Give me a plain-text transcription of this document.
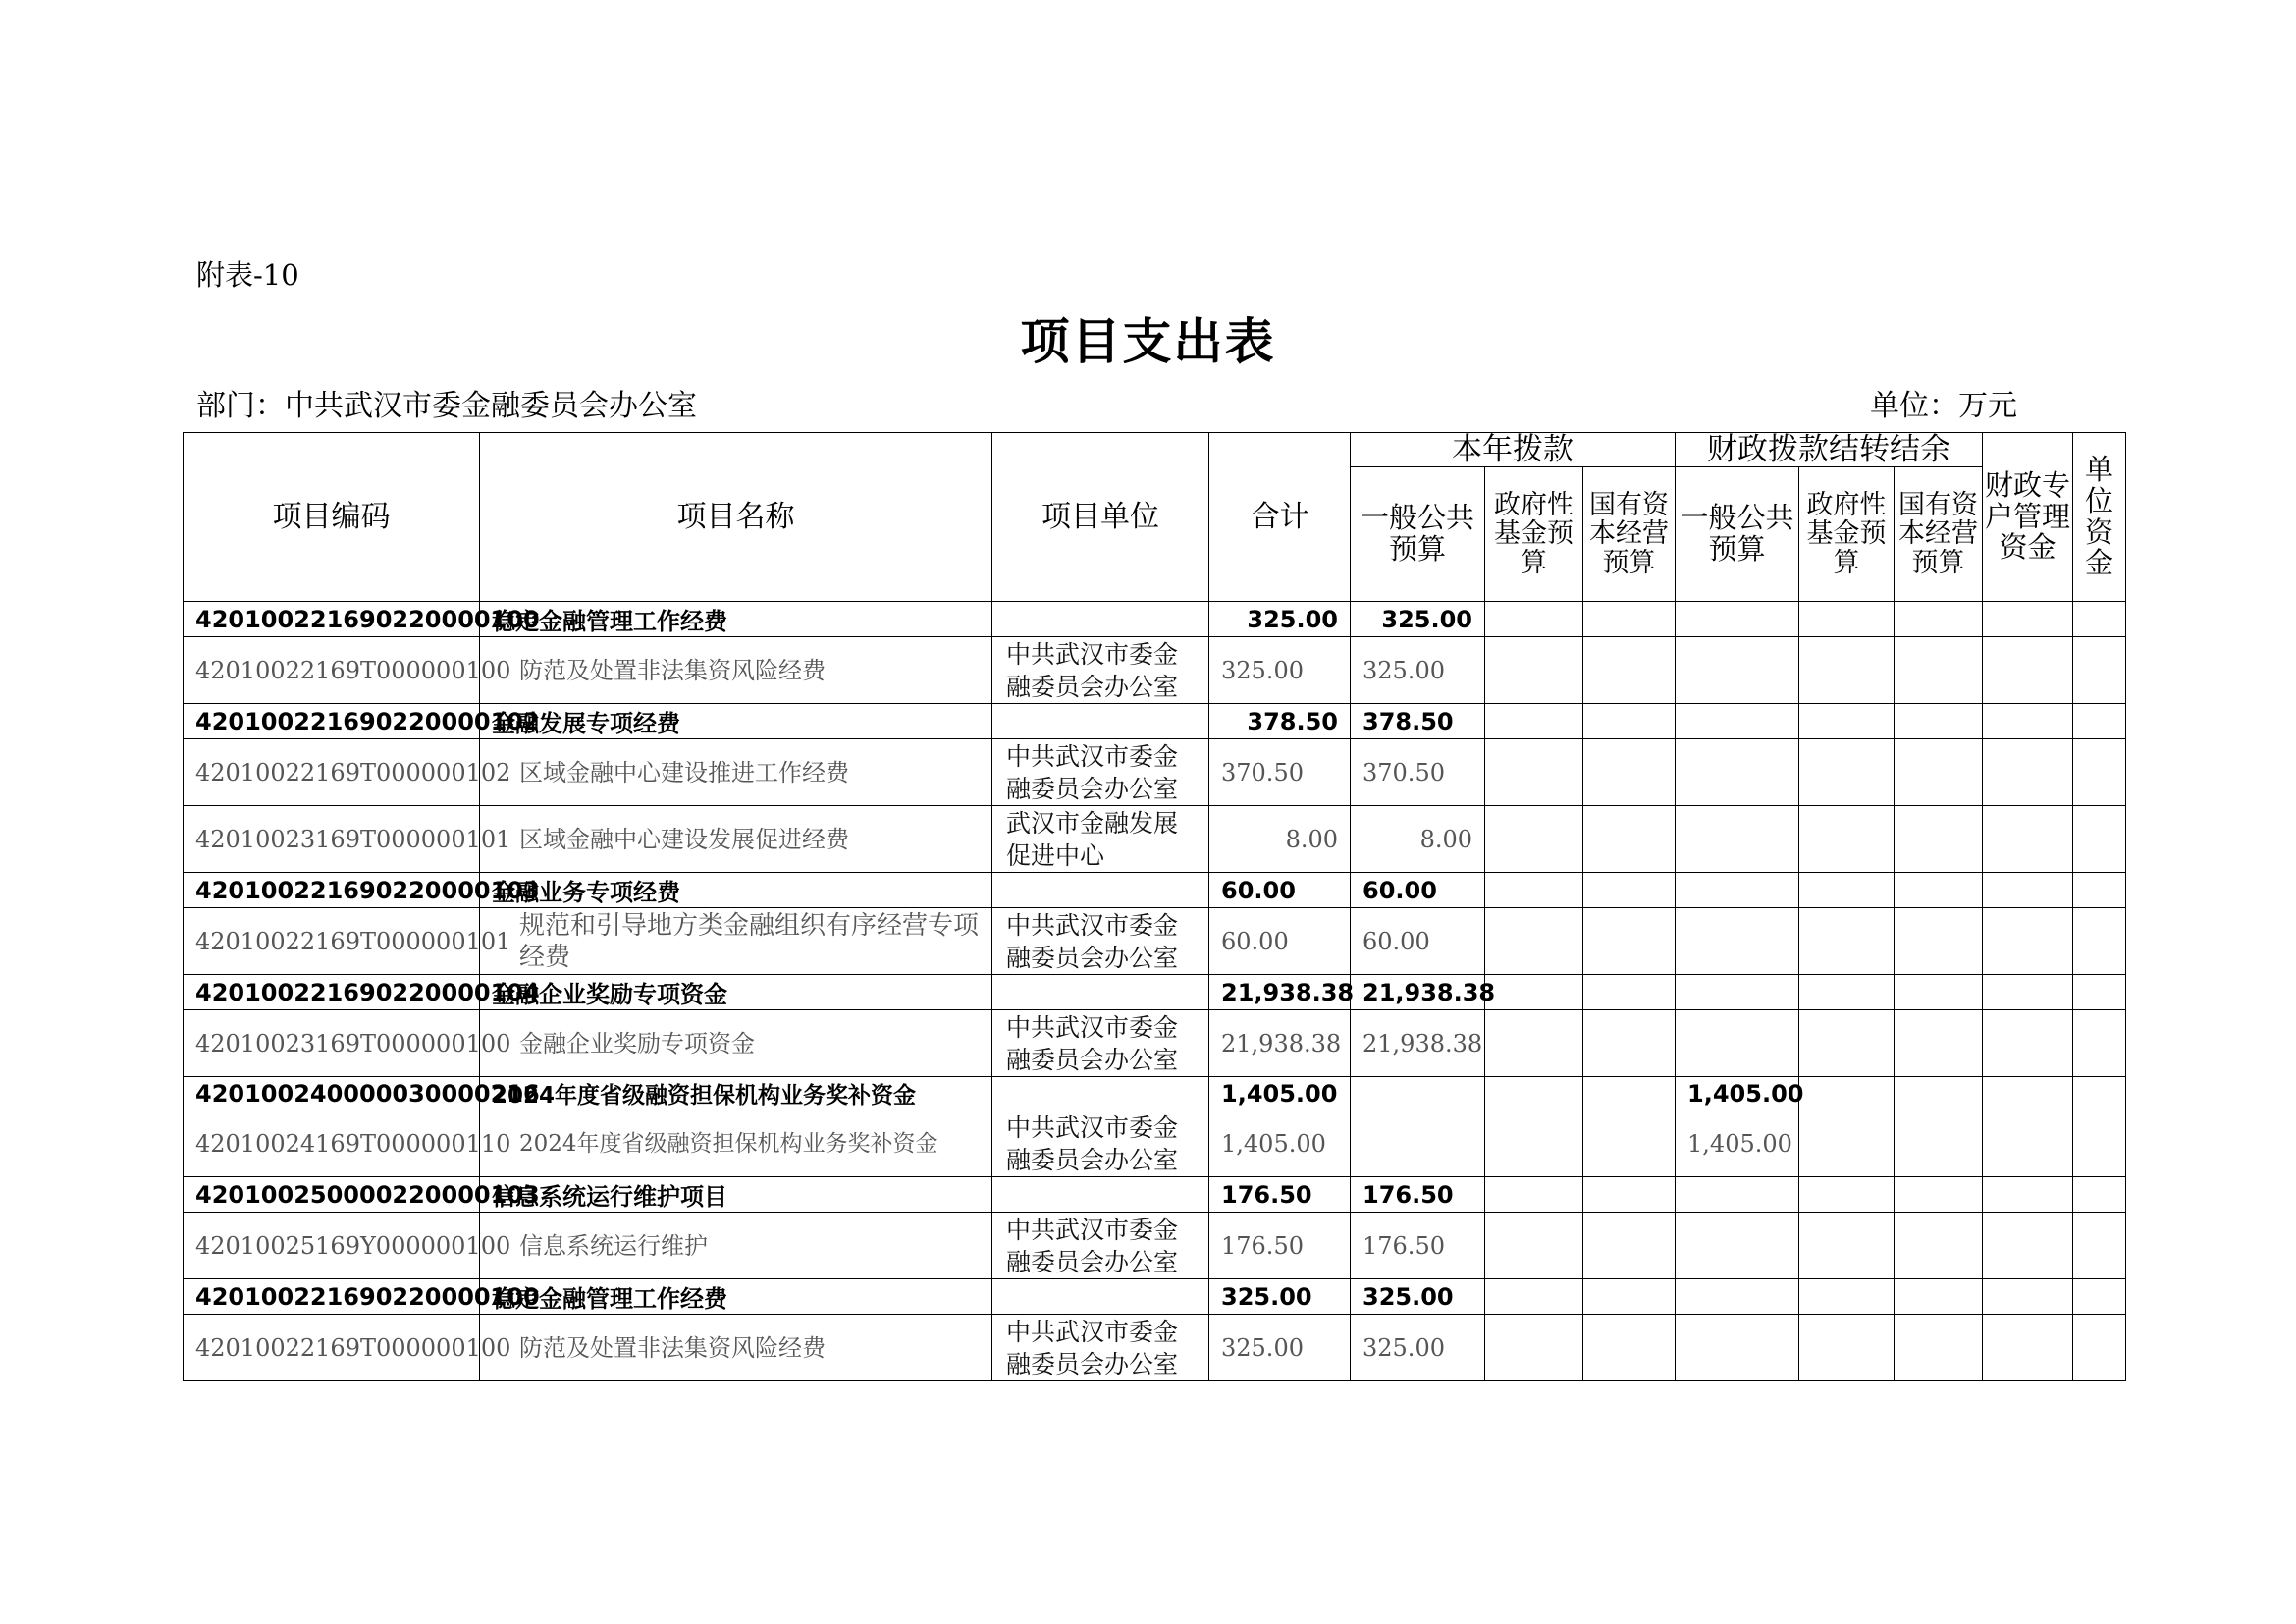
附表-10
项目支出表
部门：中共武汉市委金融委员会办公室	单位：万元
项目编码	项目名称	项目单位	合计	本年拨款			财政拨款结转结余			财政专户管理资金	单位资金
				一般公共预算	政府性基金预算	国有资本经营预算	一般公共预算	政府性基金预算	国有资本经营预算		
420100221690220000100	稳定金融管理工作经费		325.00	325.00							
42010022169T000000100	防范及处置非法集资风险经费	中共武汉市委金融委员会办公室	325.00	325.00							
420100221690220000102	金融发展专项经费		378.50	378.50							
42010022169T000000102	区域金融中心建设推进工作经费	中共武汉市委金融委员会办公室	370.50	370.50							
42010023169T000000101	区域金融中心建设发展促进经费	武汉市金融发展促进中心	8.00	8.00							
420100221690220000103	金融业务专项经费		60.00	60.00							
42010022169T000000101	规范和引导地方类金融组织有序经营专项经费	中共武汉市委金融委员会办公室	60.00	60.00							
420100221690220000104	金融企业奖励专项资金		21,938.38	21,938.38							
42010023169T000000100	金融企业奖励专项资金	中共武汉市委金融委员会办公室	21,938.38	21,938.38							
420100240000030000216	2024年度省级融资担保机构业务奖补资金		1,405.00				1,405.00				
42010024169T000000110	2024年度省级融资担保机构业务奖补资金	中共武汉市委金融委员会办公室	1,405.00				1,405.00				
420100250000220000103	信息系统运行维护项目		176.50	176.50							
42010025169Y000000100	信息系统运行维护	中共武汉市委金融委员会办公室	176.50	176.50							
420100221690220000100	稳定金融管理工作经费		325.00	325.00							
42010022169T000000100	防范及处置非法集资风险经费	中共武汉市委金融委员会办公室	325.00	325.00							
